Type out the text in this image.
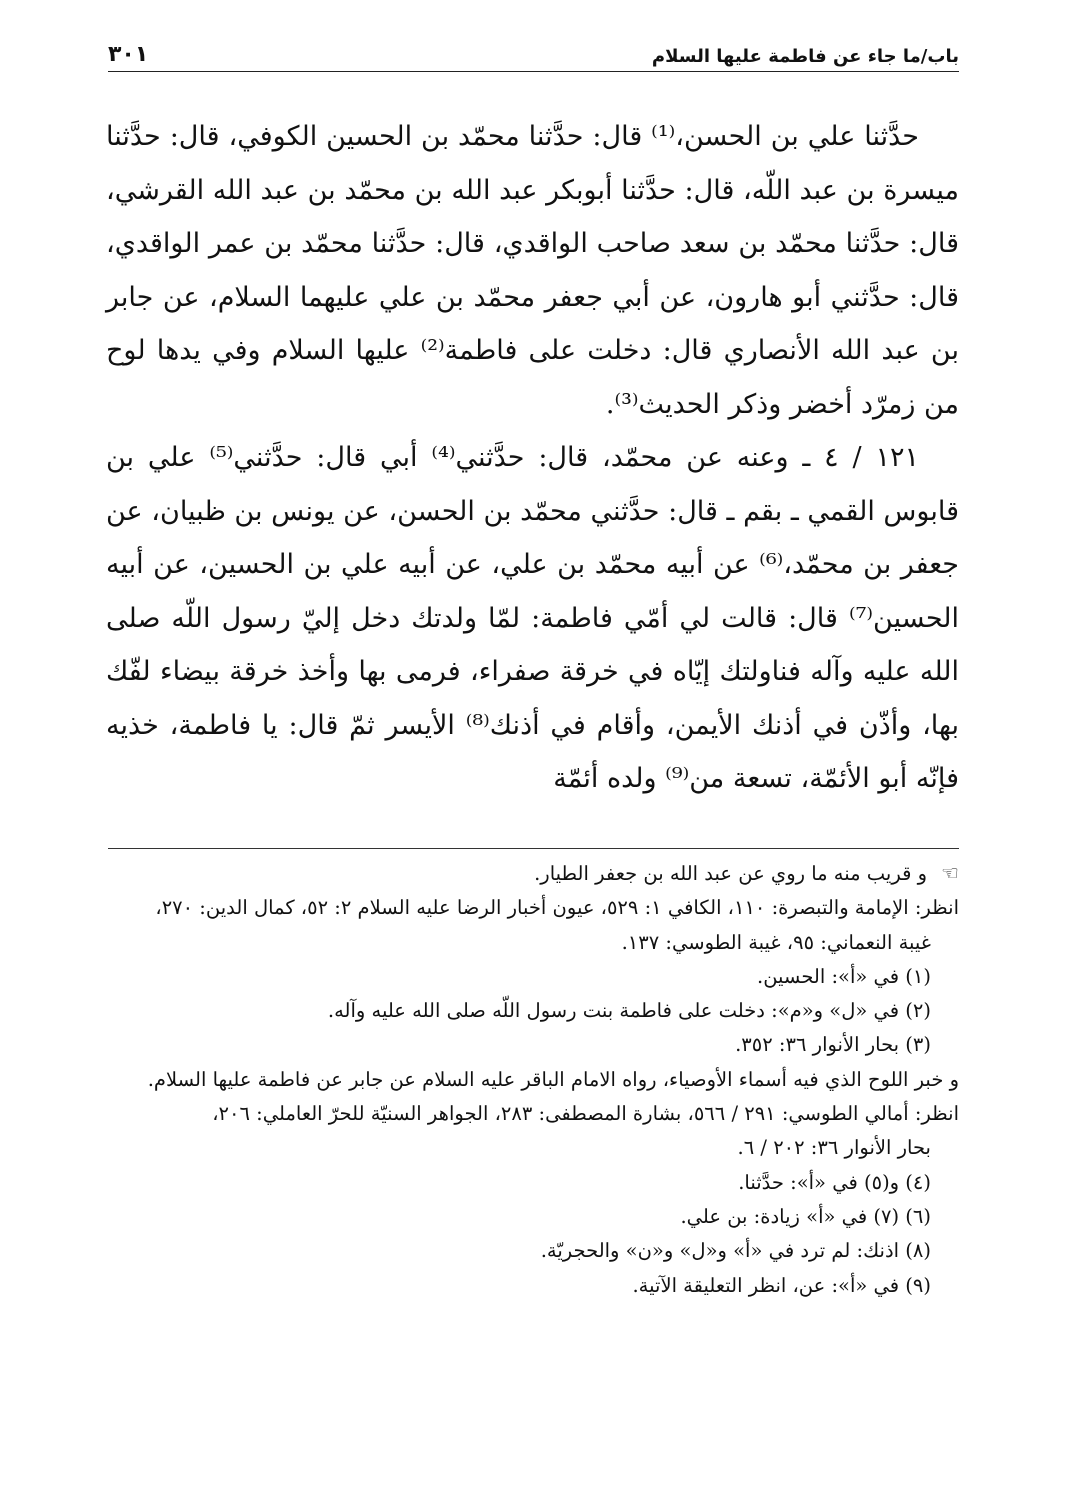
باب/ما جاء عن فاطمة عليها السلام
٣٠١

حدَّثنا علي بن الحسن،⁽¹⁾ قال: حدَّثنا محمّد بن الحسين الكوفي، قال: حدَّثنا ميسرة بن عبد اللّه، قال: حدَّثنا أبوبكر عبد الله بن محمّد بن عبد الله القرشي، قال: حدَّثنا محمّد بن سعد صاحب الواقدي، قال: حدَّثنا محمّد بن عمر الواقدي، قال: حدَّثني أبو هارون، عن أبي جعفر محمّد بن علي عليهما السلام، عن جابر بن عبد الله الأنصاري قال: دخلت على فاطمة⁽²⁾ عليها السلام وفي يدها لوح من زمرّد أخضر وذكر الحديث⁽³⁾.

١٢١ / ٤ ـ وعنه عن محمّد، قال: حدَّثني⁽⁴⁾ أبي قال: حدَّثني⁽⁵⁾ علي بن قابوس القمي ـ بقم ـ قال: حدَّثني محمّد بن الحسن، عن يونس بن ظبيان، عن جعفر بن محمّد،⁽⁶⁾ عن أبيه محمّد بن علي، عن أبيه علي بن الحسين، عن أبيه الحسين⁽⁷⁾ قال: قالت لي أمّي فاطمة: لمّا ولدتك دخل إليّ رسول اللّه صلى الله عليه وآله فناولتك إيّاه في خرقة صفراء، فرمى بها وأخذ خرقة بيضاء لفّك بها، وأذّن في أذنك الأيمن، وأقام في أذنك⁽⁸⁾ الأيسر ثمّ قال: يا فاطمة، خذيه فإنّه أبو الأئمّة، تسعة من⁽⁹⁾ ولده أئمّة

☜و قريب منه ما روي عن عبد الله بن جعفر الطيار.

انظر: الإمامة والتبصرة: ١١٠، الكافي ١: ٥٢٩، عيون أخبار الرضا عليه السلام ٢: ٥٢، كمال الدين: ٢٧٠،

غيبة النعماني: ٩٥، غيبة الطوسي: ١٣٧.

(١) في «أ»: الحسين.

(٢) في «ل» و«م»: دخلت على فاطمة بنت رسول اللّه صلى الله عليه وآله.

(٣) بحار الأنوار ٣٦: ٣٥٢.

و خبر اللوح الذي فيه أسماء الأوصياء، رواه الامام الباقر عليه السلام عن جابر عن فاطمة عليها السلام.

انظر: أمالي الطوسي: ٢٩١ / ٥٦٦، بشارة المصطفى: ٢٨٣، الجواهر السنيّة للحرّ العاملي: ٢٠٦،

بحار الأنوار ٣٦: ٢٠٢ / ٦.

(٤) و(٥) في «أ»: حدَّثنا.

(٦) (٧) في «أ» زيادة: بن علي.

(٨) اذنك: لم ترد في «أ» و«ل» و«ن» والحجريّة.

(٩) في «أ»: عن، انظر التعليقة الآتية.
